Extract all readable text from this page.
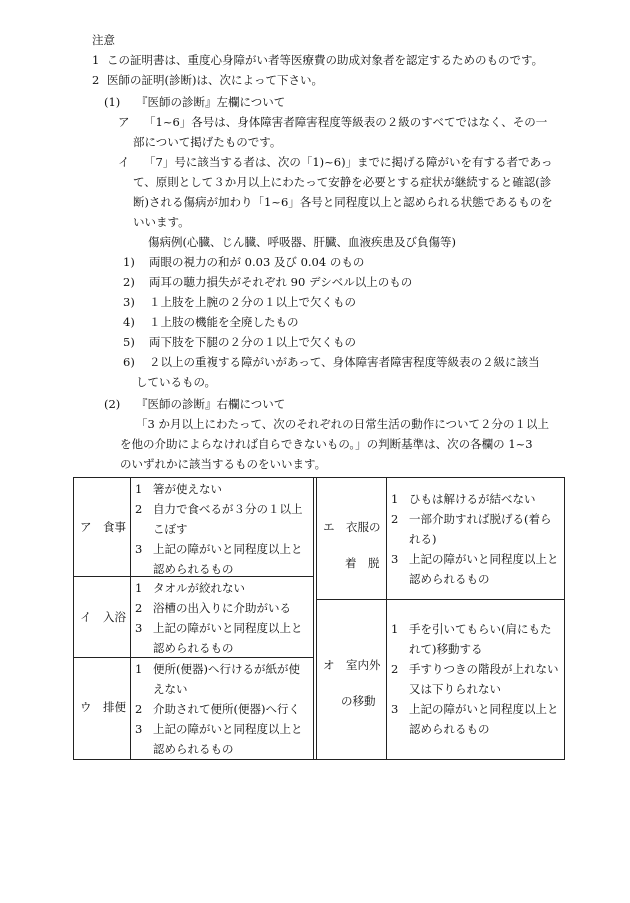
注意
1 この証明書は、重度心身障がい者等医療費の助成対象者を認定するためのものです。
2 医師の証明(診断)は、次によって下さい。
(1) 『医師の診断』左欄について
ア 「1~6」各号は、身体障害者障害程度等級表の２級のすべてではなく、その一
部について掲げたものです。
イ 「7」号に該当する者は、次の「1)~6)」までに掲げる障がいを有する者であっ
て、原則として３か月以上にわたって安静を必要とする症状が継続すると確認(診
断)される傷病が加わり「1~6」各号と同程度以上と認められる状態であるものを
いいます。
傷病例(心臓、じん臓、呼吸器、肝臓、血液疾患及び負傷等)
1) 両眼の視力の和が 0.03 及び 0.04 のもの
2) 両耳の聴力損失がそれぞれ 90 デシベル以上のもの
3) １上肢を上腕の２分の１以上で欠くもの
4) １上肢の機能を全廃したもの
5) 両下肢を下腿の２分の１以上で欠くもの
6) ２以上の重複する障がいがあって、身体障害者障害程度等級表の２級に該当
しているもの。
(2) 『医師の診断』右欄について
「3 か月以上にわたって、次のそれぞれの日常生活の動作について２分の１以上
を他の介助によらなければ自らできないもの。」の判断基準は、次の各欄の 1~3
のいずれかに該当するものをいいます。
ア　食事
1 箸が使えない
2 自力で食べるが３分の１以上こぼす
3 上記の障がいと同程度以上と認められるもの
イ　入浴
1 タオルが絞れない
2 浴槽の出入りに介助がいる
3 上記の障がいと同程度以上と認められるもの
ウ　排便
1 便所(便器)へ行けるが紙が使えない
2 介助されて便所(便器)へ行く
3 上記の障がいと同程度以上と認められるもの
エ　衣服の
着　脱
1 ひもは解けるが結べない
2 一部介助すれば脱げる(着られる)
3 上記の障がいと同程度以上と認められるもの
オ　室内外
の移動
1 手を引いてもらい(肩にもたれて)移動する
2 手すりつきの階段が上れない又は下りられない
3 上記の障がいと同程度以上と認められるもの
